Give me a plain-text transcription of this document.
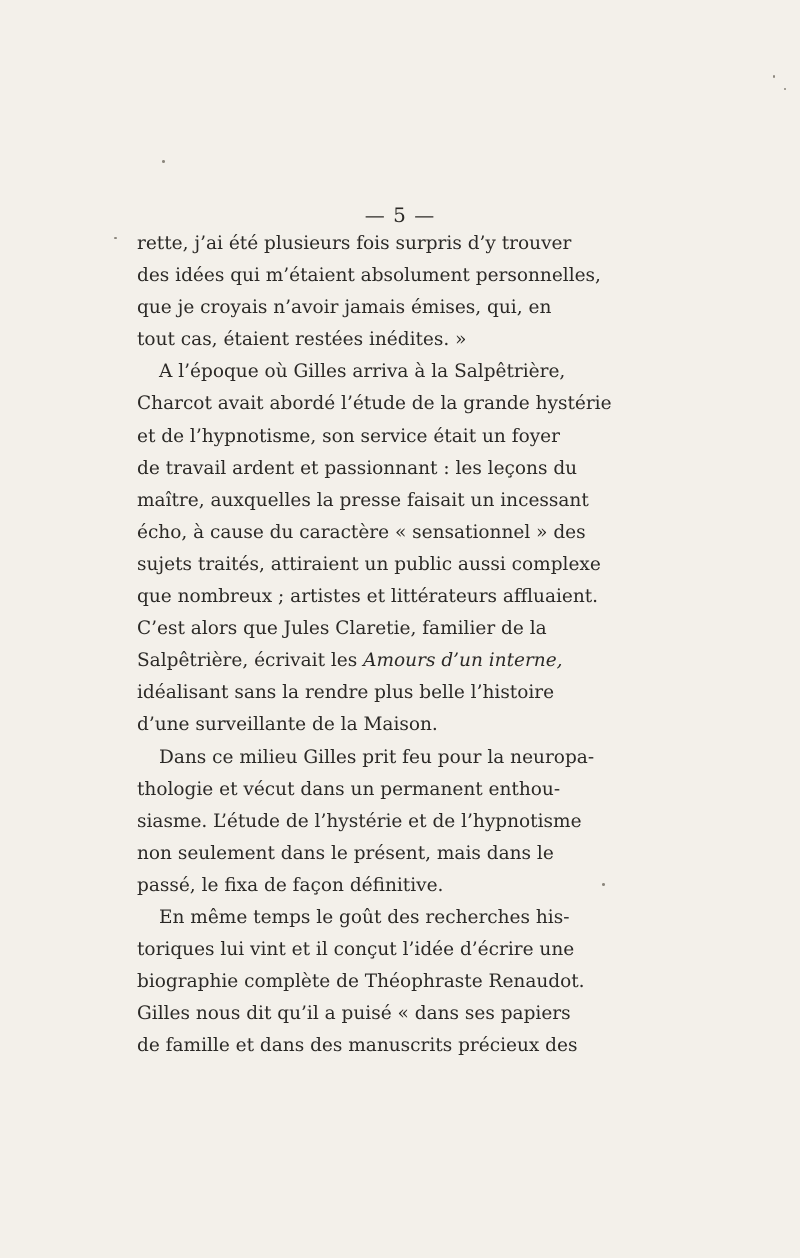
— 5 —
rette, j’ai été plusieurs fois surpris d’y trouver
des idées qui m’étaient absolument personnelles,
que je croyais n’avoir jamais émises, qui, en
tout cas, étaient restées inédites. »
A l’époque où Gilles arriva à la Salpêtrière,
Charcot avait abordé l’étude de la grande hystérie
et de l’hypnotisme, son service était un foyer
de travail ardent et passionnant : les leçons du
maître, auxquelles la presse faisait un incessant
écho, à cause du caractère « sensationnel » des
sujets traités, attiraient un public aussi complexe
que nombreux ; artistes et littérateurs affluaient.
C’est alors que Jules Claretie, familier de la
Salpêtrière, écrivait les Amours d’un interne,
idéalisant sans la rendre plus belle l’histoire
d’une surveillante de la Maison.
Dans ce milieu Gilles prit feu pour la neuropa-
thologie et vécut dans un permanent enthou-
siasme. L’étude de l’hystérie et de l’hypnotisme
non seulement dans le présent, mais dans le
passé, le fixa de façon définitive.
En même temps le goût des recherches his-
toriques lui vint et il conçut l’idée d’écrire une
biographie complète de Théophraste Renaudot.
Gilles nous dit qu’il a puisé « dans ses papiers
de famille et dans des manuscrits précieux des
